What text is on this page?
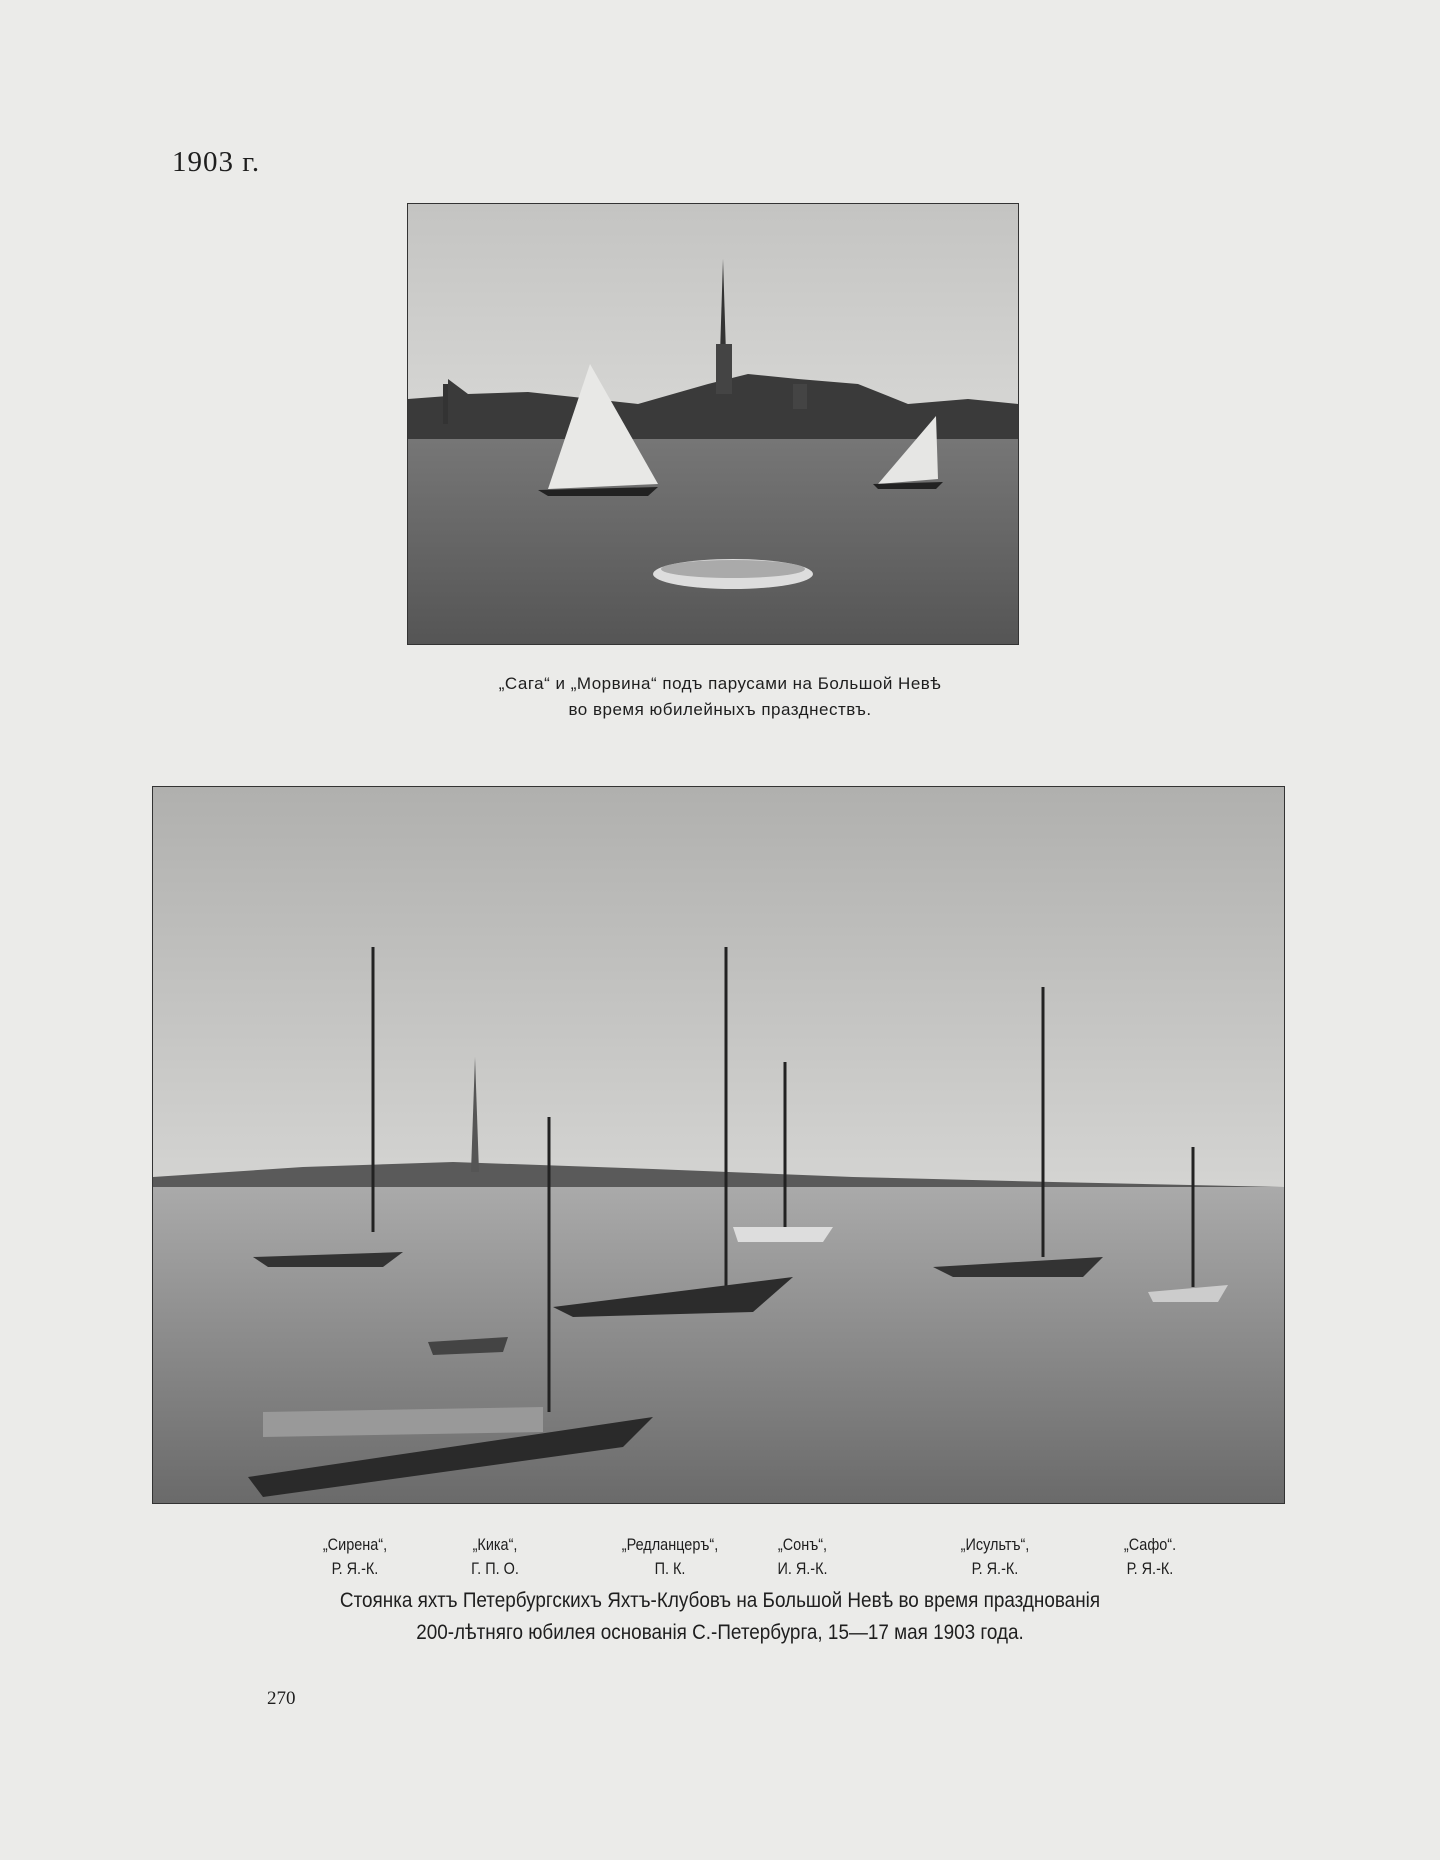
1903 г.
„Сага“ и „Морвина“ подъ парусами на Большой Невѣ
во время юбилейныхъ празднествъ.
„Сирена“,
Р. Я.-К.
„Кика“,
Г. П. О.
„Редланцеръ“,
П. К.
„Сонъ“,
И. Я.-К.
„Исультъ“,
Р. Я.-К.
„Сафо“.
Р. Я.-К.
Стоянка яхтъ Петербургскихъ Яхтъ-Клубовъ на Большой Невѣ во время празднованія
200-лѣтняго юбилея основанія С.-Петербурга, 15—17 мая 1903 года.
270
